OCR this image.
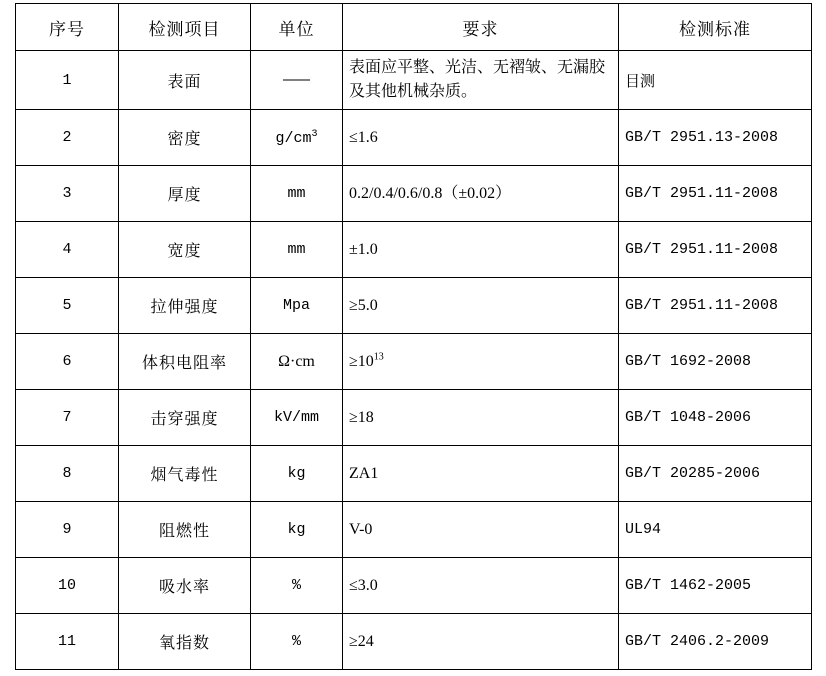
序号	检测项目	单位	要求	检测标准
1	表面	———	表面应平整、光洁、无褶皱、无漏胶及其他机械杂质。	目测

2	密度	$g/cm^3$	≤1.6	GB/T 2951.13-2008

3	厚度	mm	0.2/0.4/0.6/0.8（±0.02）	GB/T 2951.11-2008

4	宽度	mm	±1.0	GB/T 2951.11-2008

5	拉伸强度	Mpa	≥5.0	GB/T 2951.11-2008

6	体积电阻率	Ω·cm	$\ge 10^{13}$	GB/T 1692-2008

7	击穿强度	kV/mm	≥18	GB/T 1048-2006

8	烟气毒性	kg	ZA1	GB/T 20285-2006

9	阻燃性	kg	V-0	UL94

10	吸水率	%	≤3.0	GB/T 1462-2005

11	氧指数	%	≥24	GB/T 2406.2-2009
